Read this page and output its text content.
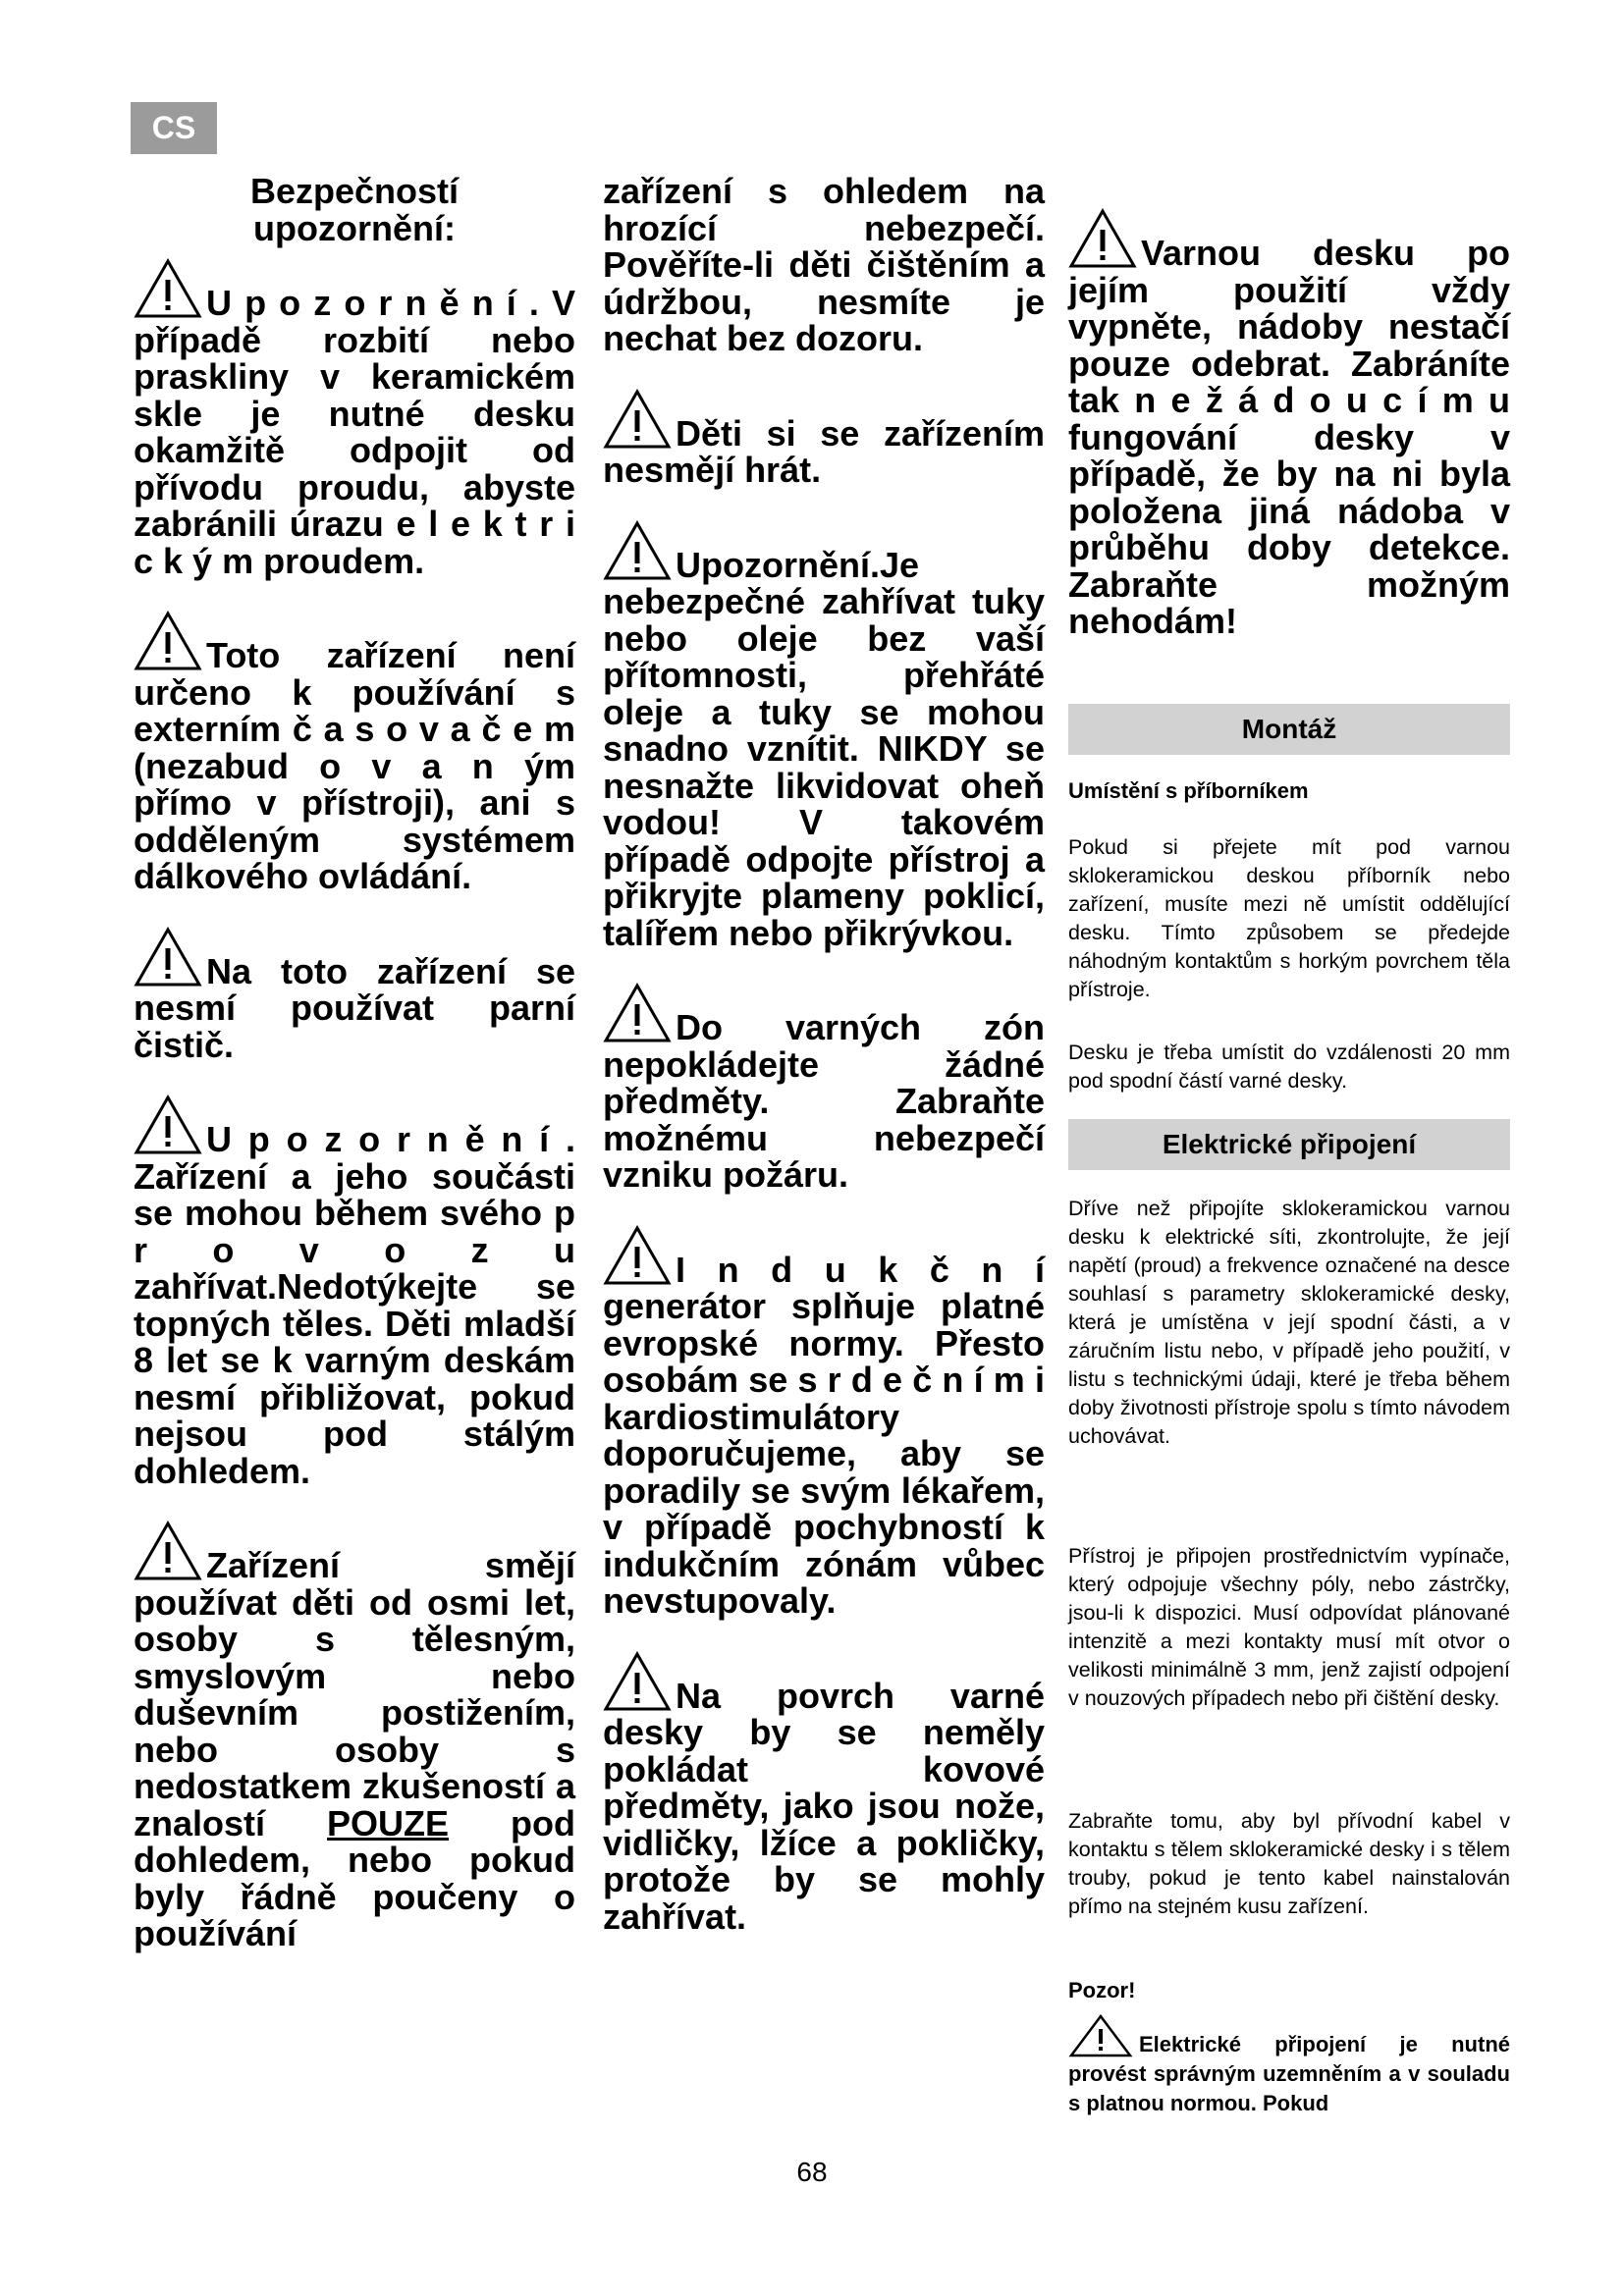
CS

Bezpečností
upozornění:

U p o z o r n ě n í . V případě rozbití nebo praskliny v keramickém skle je nutné desku okamžitě odpojit od přívodu proudu, abyste zabránili úrazu e l e k t r i c k ý m proudem.

Toto zařízení není určeno k používání s externím č a s o v a č e m (nezabud o v a n ým přímo v přístroji), ani s odděleným systémem dálkového ovládání.

Na toto zařízení se nesmí používat parní čistič.

U p o z o r n ě n í . Zařízení a jeho součásti se mohou během svého p r o v o z u zahřívat.Nedotýkejte se topných těles. Děti mladší 8 let se k varným deskám nesmí přibližovat, pokud nejsou pod stálým dohledem.

Zařízení smějí používat děti od osmi let, osoby s tělesným, smyslovým nebo duševním postižením, nebo osoby s nedostatkem zkušeností a znalostí POUZE pod dohledem, nebo pokud byly řádně poučeny o používání

zařízení s ohledem na hrozící nebezpečí. Pověříte-li děti čištěním a údržbou, nesmíte je nechat bez dozoru.

Děti si se zařízením nesmějí hrát.

Upozornění.Je nebezpečné zahřívat tuky nebo oleje bez vaší přítomnosti, přehřáté oleje a tuky se mohou snadno vznítit. NIKDY se nesnažte likvidovat oheň vodou! V takovém případě odpojte přístroj a přikryjte plameny poklicí, talířem nebo přikrývkou.

Do varných zón nepokládejte žádné předměty. Zabraňte možnému nebezpečí vzniku požáru.

I n d u k č n í generátor splňuje platné evropské normy. Přesto osobám se s r d e č n í m i kardiostimulátory doporučujeme, aby se poradily se svým lékařem, v případě pochybností k indukčním zónám vůbec nevstupovaly.

Na povrch varné desky by se neměly pokládat kovové předměty, jako jsou nože, vidličky, lžíce a pokličky, protože by se mohly zahřívat.

Varnou desku po jejím použití vždy vypněte, nádoby nestačí pouze odebrat. Zabráníte tak n e ž á d o u c í m u fungování desky v případě, že by na ni byla položena jiná nádoba v průběhu doby detekce. Zabraňte možným nehodám!

Montáž
Umístění s příborníkem
Pokud si přejete mít pod varnou sklokeramickou deskou příborník nebo zařízení, musíte mezi ně umístit oddělující desku. Tímto způsobem se předejde náhodným kontaktům s horkým povrchem těla přístroje.
Desku je třeba umístit do vzdálenosti 20 mm pod spodní částí varné desky.
Elektrické připojení
Dříve než připojíte sklokeramickou varnou desku k elektrické síti, zkontrolujte, že její napětí (proud) a frekvence označené na desce souhlasí s parametry sklokeramické desky, která je umístěna v její spodní části, a v záručním listu nebo, v případě jeho použití, v listu s technickými údaji, které je třeba během doby životnosti přístroje spolu s tímto návodem uchovávat.
Přístroj je připojen prostřednictvím vypínače, který odpojuje všechny póly, nebo zástrčky, jsou-li k dispozici. Musí odpovídat plánované intenzitě a mezi kontakty musí mít otvor o velikosti minimálně 3 mm, jenž zajistí odpojení v nouzových případech nebo při čištění desky.
Zabraňte tomu, aby byl přívodní kabel v kontaktu s tělem sklokeramické desky i s tělem trouby, pokud je tento kabel nainstalován přímo na stejném kusu zařízení.
Pozor!
Elektrické připojení je nutné provést správným uzemněním a v souladu s platnou normou. Pokud
68
